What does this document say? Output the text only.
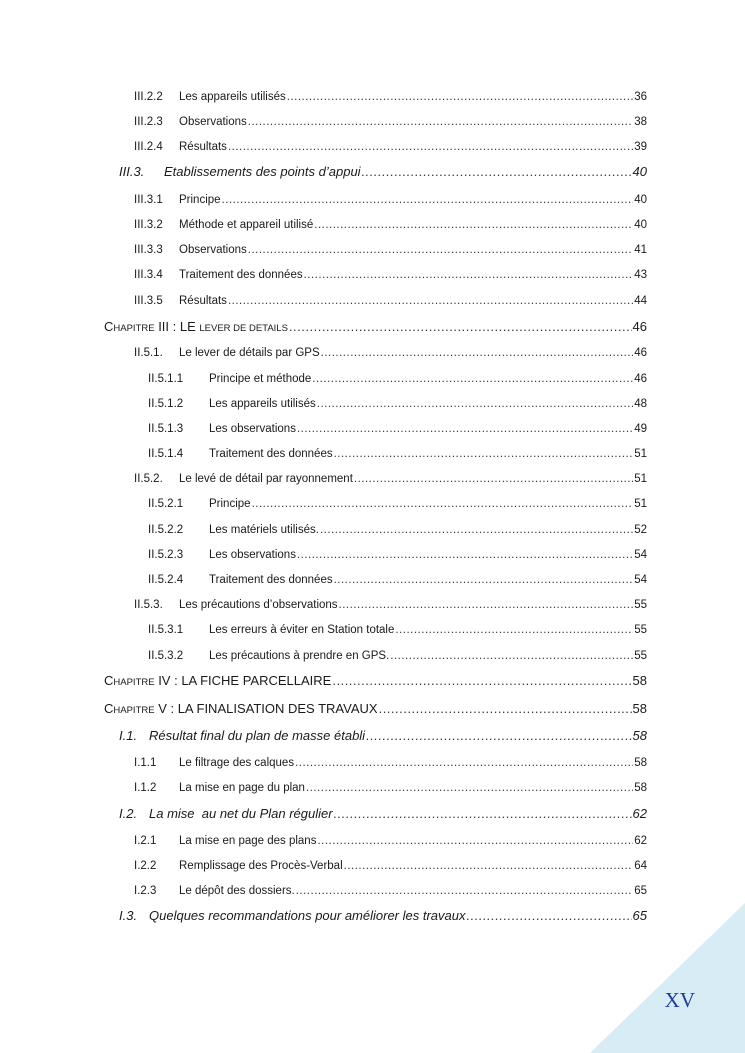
III.2.2	Les appareils utilisés .....	36
III.2.3	Observations .....	38
III.2.4	Résultats .....	39
III.3.	Etablissements des points d’appui .....	40
III.3.1	Principe .....	40
III.3.2	Méthode et appareil utilisé .....	40
III.3.3	Observations .....	41
III.3.4	Traitement des données .....	43
III.3.5	Résultats .....	44
CHAPITRE III : LE LEVER DE DETAILS .....	46
II.5.1.	Le lever de détails par GPS .....	46
II.5.1.1	Principe et méthode .....	46
II.5.1.2	Les appareils utilisés .....	48
II.5.1.3	Les observations .....	49
II.5.1.4	Traitement des données .....	51
II.5.2.	Le levé de détail par rayonnement .....	51
II.5.2.1	Principe .....	51
II.5.2.2	Les matériels utilisés. .....	52
II.5.2.3	Les observations .....	54
II.5.2.4	Traitement des données .....	54
II.5.3.	Les précautions d’observations .....	55
II.5.3.1	Les erreurs à éviter en Station totale .....	55
II.5.3.2	Les précautions à prendre en GPS. .....	55
CHAPITRE IV : LA FICHE PARCELLAIRE .....	58
CHAPITRE V : LA FINALISATION DES TRAVAUX .....	58
I.1. Résultat final du plan de masse établi .....	58
I.1.1	Le filtrage des calques .....	58
I.1.2	La mise en page du plan .....	58
I.2. La mise  au net du Plan régulier .....	62
I.2.1	La mise en page des plans .....	62
I.2.2	Remplissage des Procès-Verbal .....	64
I.2.3	Le dépôt des dossiers. .....	65
I.3. Quelques recommandations pour améliorer les travaux .....	65
XV
